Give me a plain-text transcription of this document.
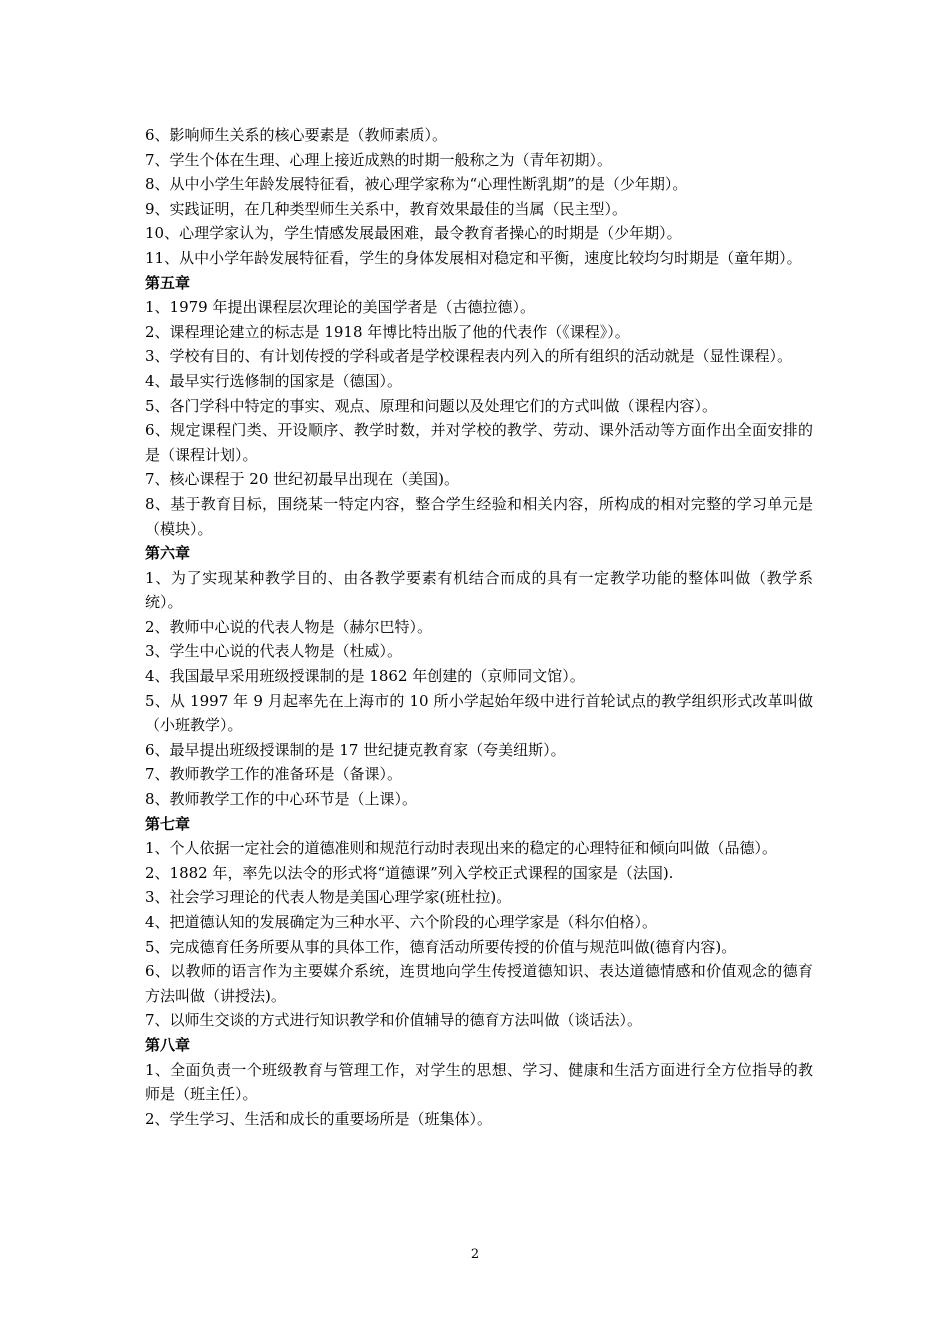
6、影响师生关系的核心要素是（教师素质）。

7、学生个体在生理、心理上接近成熟的时期一般称之为（青年初期）。

8、从中小学生年龄发展特征看，被心理学家称为“心理性断乳期”的是（少年期）。

9、实践证明，在几种类型师生关系中，教育效果最佳的当属（民主型）。

10、心理学家认为，学生情感发展最困难，最令教育者操心的时期是（少年期）。

11、从中小学年龄发展特征看，学生的身体发展相对稳定和平衡，速度比较均匀时期是（童年期）。

第五章

1、1979 年提出课程层次理论的美国学者是（古德拉德）。

2、课程理论建立的标志是 1918 年博比特出版了他的代表作（《课程》）。

3、学校有目的、有计划传授的学科或者是学校课程表内列入的所有组织的活动就是（显性课程）。

4、最早实行选修制的国家是（德国）。

5、各门学科中特定的事实、观点、原理和问题以及处理它们的方式叫做（课程内容）。

6、规定课程门类、开设顺序、教学时数，并对学校的教学、劳动、课外活动等方面作出全面安排的是（课程计划）。

7、核心课程于 20 世纪初最早出现在（美国)。

8、基于教育目标，围绕某一特定内容，整合学生经验和相关内容，所构成的相对完整的学习单元是（模块）。

第六章

1、为了实现某种教学目的、由各教学要素有机结合而成的具有一定教学功能的整体叫做（教学系统）。

2、教师中心说的代表人物是（赫尔巴特）。

3、学生中心说的代表人物是（杜威）。

4、我国最早采用班级授课制的是 1862 年创建的（京师同文馆）。

5、从 1997 年 9 月起率先在上海市的 10 所小学起始年级中进行首轮试点的教学组织形式改革叫做（小班教学）。

6、最早提出班级授课制的是 17 世纪捷克教育家（夸美纽斯）。

7、教师教学工作的准备环是（备课）。

8、教师教学工作的中心环节是（上课）。

第七章

1、个人依据一定社会的道德准则和规范行动时表现出来的稳定的心理特征和倾向叫做（品德）。

2、1882 年，率先以法令的形式将“道德课”列入学校正式课程的国家是（法国).

3、社会学习理论的代表人物是美国心理学家(班杜拉)。

4、把道德认知的发展确定为三种水平、六个阶段的心理学家是（科尔伯格）。

5、完成德育任务所要从事的具体工作，德育活动所要传授的价值与规范叫做(德育内容)。

6、以教师的语言作为主要媒介系统，连贯地向学生传授道德知识、表达道德情感和价值观念的德育方法叫做（讲授法)。

7、以师生交谈的方式进行知识教学和价值辅导的德育方法叫做（谈话法）。

第八章

1、全面负责一个班级教育与管理工作，对学生的思想、学习、健康和生活方面进行全方位指导的教师是（班主任）。

2、学生学习、生活和成长的重要场所是（班集体）。

2
